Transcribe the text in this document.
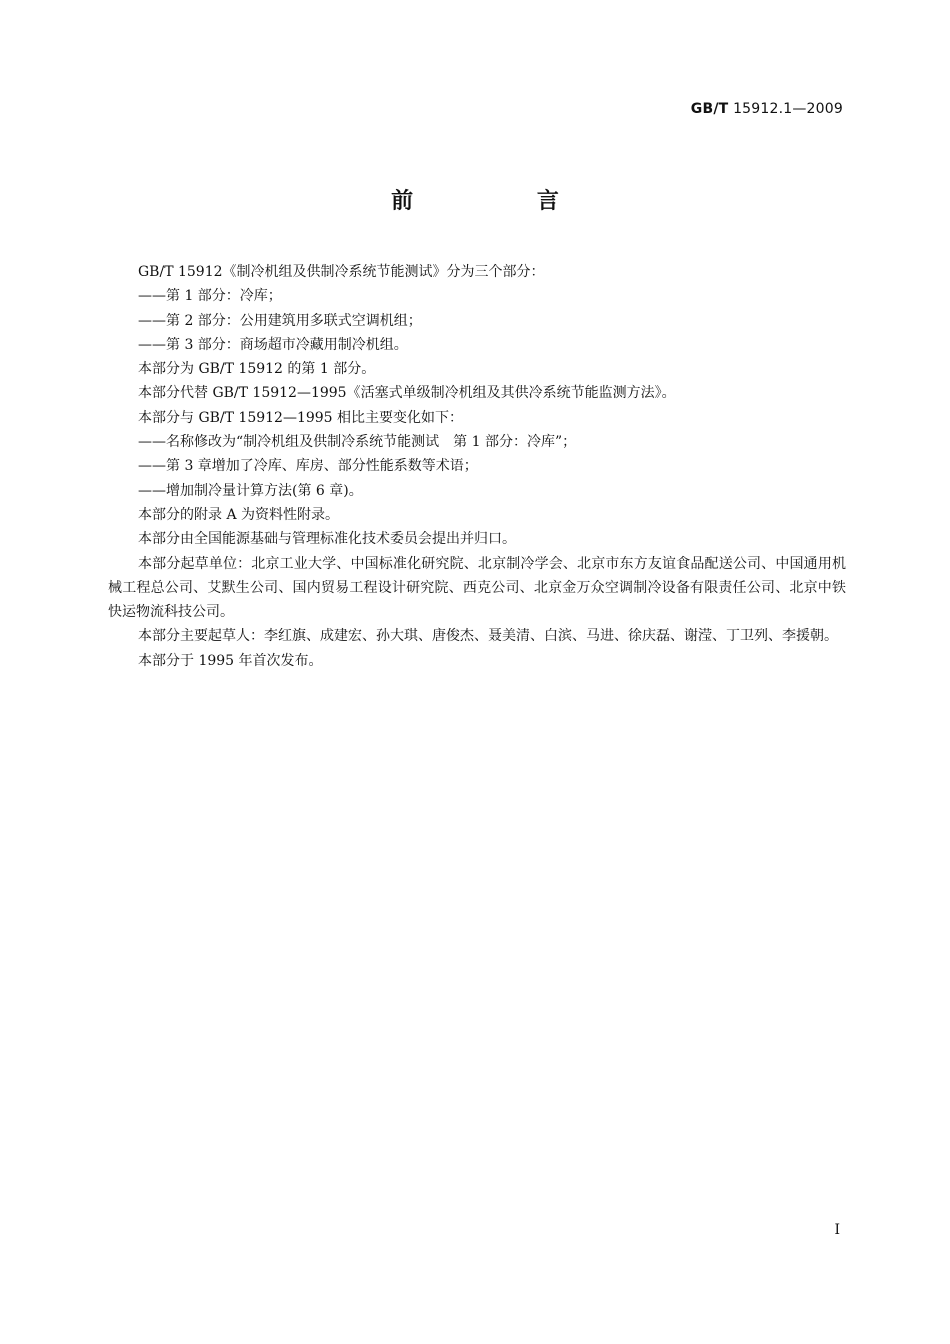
GB/T 15912.1—2009
前 言

GB/T 15912《制冷机组及供制冷系统节能测试》分为三个部分：

——第 1 部分：冷库；

——第 2 部分：公用建筑用多联式空调机组；

——第 3 部分：商场超市冷藏用制冷机组。

本部分为 GB/T 15912 的第 1 部分。

本部分代替 GB/T 15912—1995《活塞式单级制冷机组及其供冷系统节能监测方法》。

本部分与 GB/T 15912—1995 相比主要变化如下：

——名称修改为“制冷机组及供制冷系统节能测试　第 1 部分：冷库”；

——第 3 章增加了冷库、库房、部分性能系数等术语；

——增加制冷量计算方法(第 6 章)。

本部分的附录 A 为资料性附录。

本部分由全国能源基础与管理标准化技术委员会提出并归口。

本部分起草单位：北京工业大学、中国标准化研究院、北京制冷学会、北京市东方友谊食品配送公司、中国通用机械工程总公司、艾默生公司、国内贸易工程设计研究院、西克公司、北京金万众空调制冷设备有限责任公司、北京中铁快运物流科技公司。

本部分主要起草人：李红旗、成建宏、孙大琪、唐俊杰、聂美清、白滨、马进、徐庆磊、谢滢、丁卫列、李援朝。

本部分于 1995 年首次发布。

I
